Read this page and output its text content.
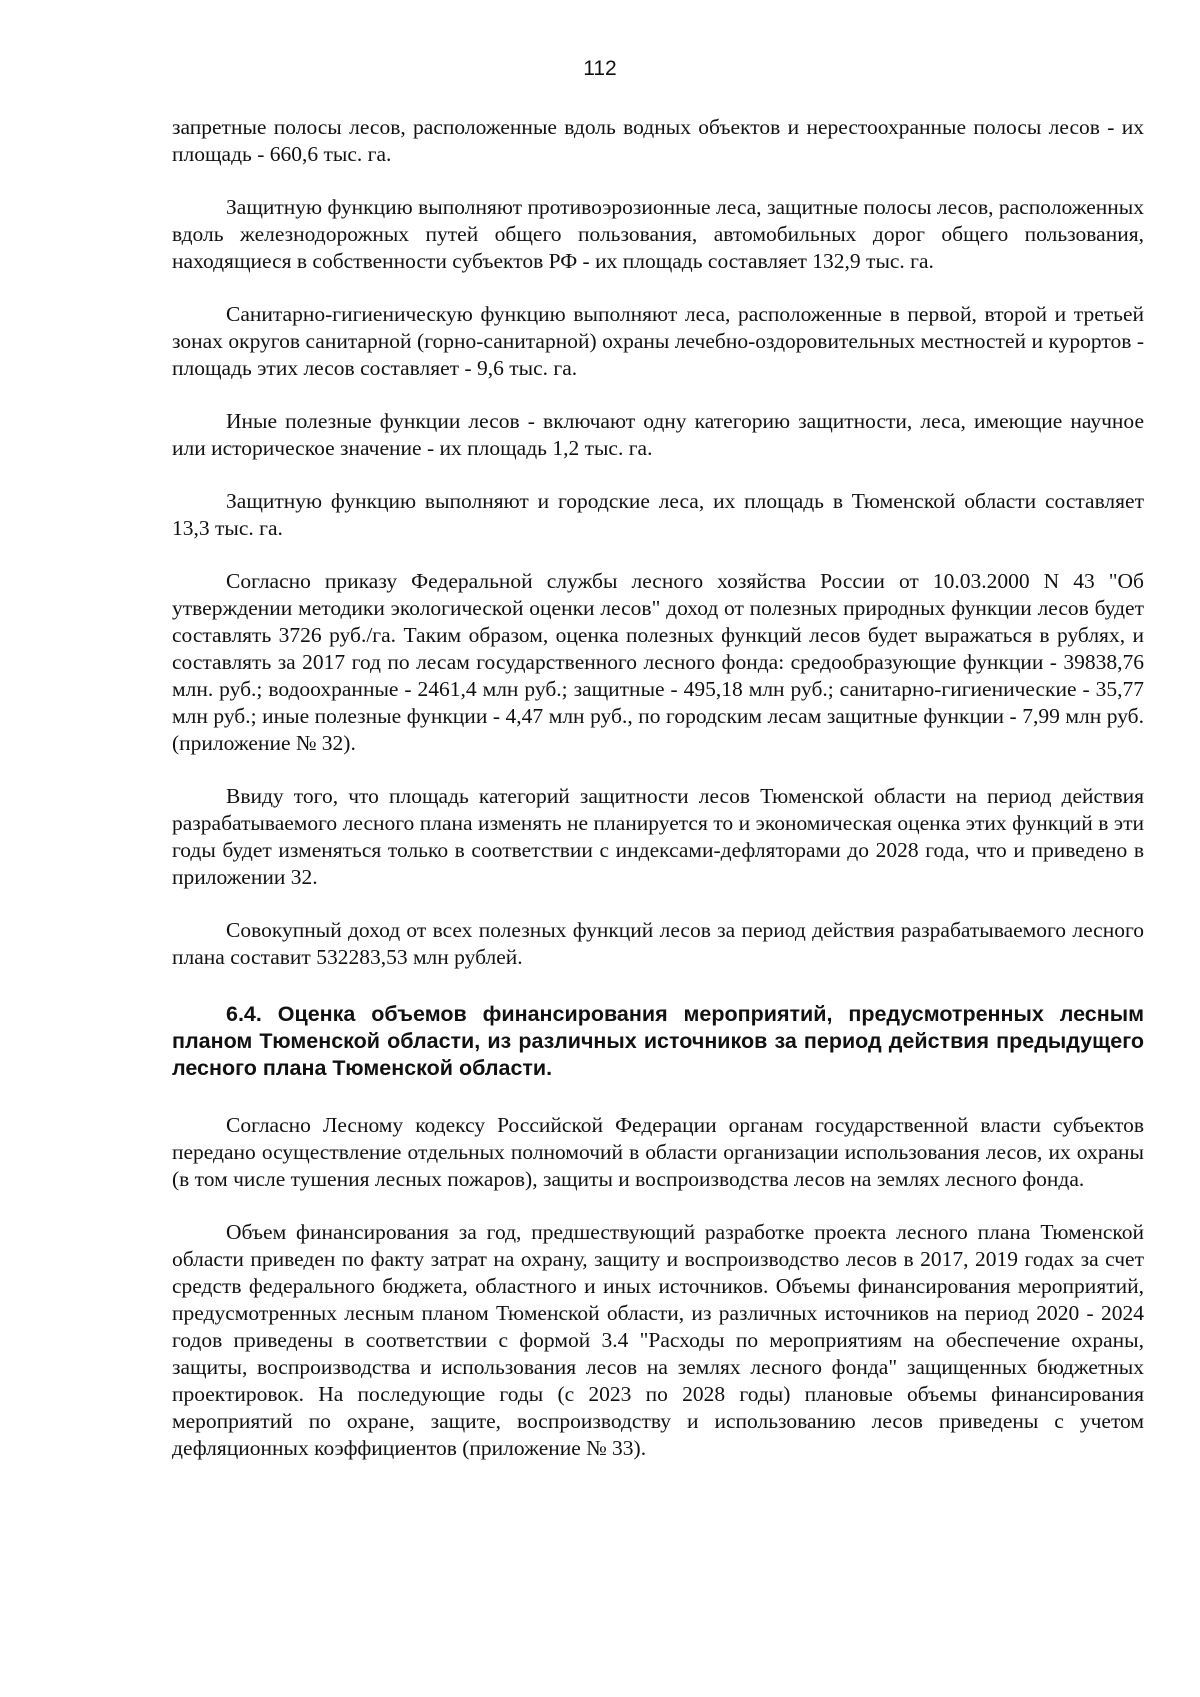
112

запретные полосы лесов, расположенные вдоль водных объектов и нерестоохранные полосы лесов - их площадь - 660,6 тыс. га.

Защитную функцию выполняют противоэрозионные леса, защитные полосы лесов, расположенных вдоль железнодорожных путей общего пользования, автомобильных дорог общего пользования, находящиеся в собственности субъектов РФ - их площадь составляет 132,9 тыс. га.

Санитарно-гигиеническую функцию выполняют леса, расположенные в первой, второй и третьей зонах округов санитарной (горно-санитарной) охраны лечебно-оздоровительных местностей и курортов - площадь этих лесов составляет - 9,6 тыс. га.

Иные полезные функции лесов - включают одну категорию защитности, леса, имеющие научное или историческое значение - их площадь 1,2 тыс. га.

Защитную функцию выполняют и городские леса, их площадь в Тюменской области составляет 13,3 тыс. га.

Согласно приказу Федеральной службы лесного хозяйства России от 10.03.2000 N 43 "Об утверждении методики экологической оценки лесов" доход от полезных природных функции лесов будет составлять 3726 руб./га. Таким образом, оценка полезных функций лесов будет выражаться в рублях, и составлять за 2017 год по лесам государственного лесного фонда: средообразующие функции - 39838,76 млн. руб.; водоохранные - 2461,4 млн руб.; защитные - 495,18 млн руб.; санитарно-гигиенические - 35,77 млн руб.; иные полезные функции - 4,47 млн руб., по городским лесам защитные функции - 7,99 млн руб. (приложение № 32).

Ввиду того, что площадь категорий защитности лесов Тюменской области на период действия разрабатываемого лесного плана изменять не планируется то и экономическая оценка этих функций в эти годы будет изменяться только в соответствии с индексами-дефляторами до 2028 года, что и приведено в приложении 32.

Совокупный доход от всех полезных функций лесов за период действия разрабатываемого лесного плана составит 532283,53 млн рублей.

6.4. Оценка объемов финансирования мероприятий, предусмотренных лесным планом Тюменской области, из различных источников за период действия предыдущего лесного плана Тюменской области.

Согласно Лесному кодексу Российской Федерации органам государственной власти субъектов передано осуществление отдельных полномочий в области организации использования лесов, их охраны (в том числе тушения лесных пожаров), защиты и воспроизводства лесов на землях лесного фонда.

Объем финансирования за год, предшествующий разработке проекта лесного плана Тюменской области приведен по факту затрат на охрану, защиту и воспроизводство лесов в 2017, 2019 годах за счет средств федерального бюджета, областного и иных источников. Объемы финансирования мероприятий, предусмотренных лесным планом Тюменской области, из различных источников на период 2020 - 2024 годов приведены в соответствии с формой 3.4 "Расходы по мероприятиям на обеспечение охраны, защиты, воспроизводства и использования лесов на землях лесного фонда" защищенных бюджетных проектировок. На последующие годы (с 2023 по 2028 годы) плановые объемы финансирования мероприятий по охране, защите, воспроизводству и использованию лесов приведены с учетом дефляционных коэффициентов (приложение № 33).
